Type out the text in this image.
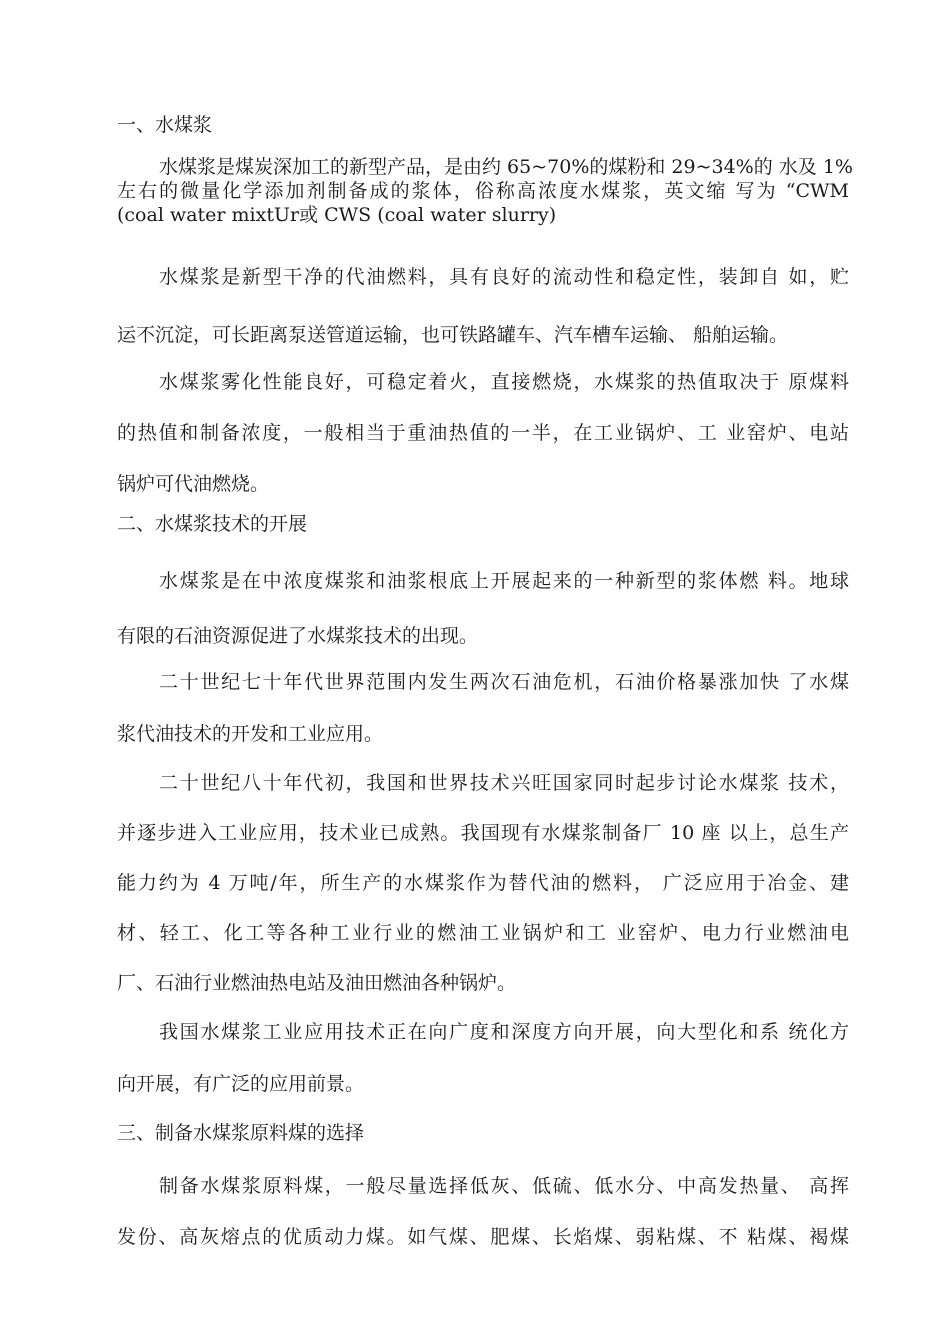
一、水煤浆
水煤浆是煤炭深加工的新型产品，是由约 65~70%的煤粉和 29~34%的 水及 1%
左右的微量化学添加剂制备成的浆体，俗称高浓度水煤浆，英文缩 写为 “CWM
(coal water mixtUr或 CWS (coal water slurry)
水煤浆是新型干净的代油燃料，具有良好的流动性和稳定性，装卸自 如，贮
运不沉淀，可长距离泵送管道运输，也可铁路罐车、汽车槽车运输、 船舶运输。
水煤浆雾化性能良好，可稳定着火，直接燃烧，水煤浆的热值取决于 原煤料
的热值和制备浓度，一般相当于重油热值的一半，在工业锅炉、工 业窑炉、电站
锅炉可代油燃烧。
二、水煤浆技术的开展
水煤浆是在中浓度煤浆和油浆根底上开展起来的一种新型的浆体燃 料。地球
有限的石油资源促进了水煤浆技术的出现。
二十世纪七十年代世界范围内发生两次石油危机，石油价格暴涨加快 了水煤
浆代油技术的开发和工业应用。
二十世纪八十年代初，我国和世界技术兴旺国家同时起步讨论水煤浆 技术，
并逐步进入工业应用，技术业已成熟。我国现有水煤浆制备厂 10 座 以上，总生产
能力约为 4 万吨/年，所生产的水煤浆作为替代油的燃料， 广泛应用于冶金、建
材、轻工、化工等各种工业行业的燃油工业锅炉和工 业窑炉、电力行业燃油电
厂、石油行业燃油热电站及油田燃油各种锅炉。
我国水煤浆工业应用技术正在向广度和深度方向开展，向大型化和系 统化方
向开展，有广泛的应用前景。
三、制备水煤浆原料煤的选择
制备水煤浆原料煤，一般尽量选择低灰、低硫、低水分、中高发热量、 高挥
发份、高灰熔点的优质动力煤。如气煤、肥煤、长焰煤、弱粘煤、不 粘煤、褐煤
